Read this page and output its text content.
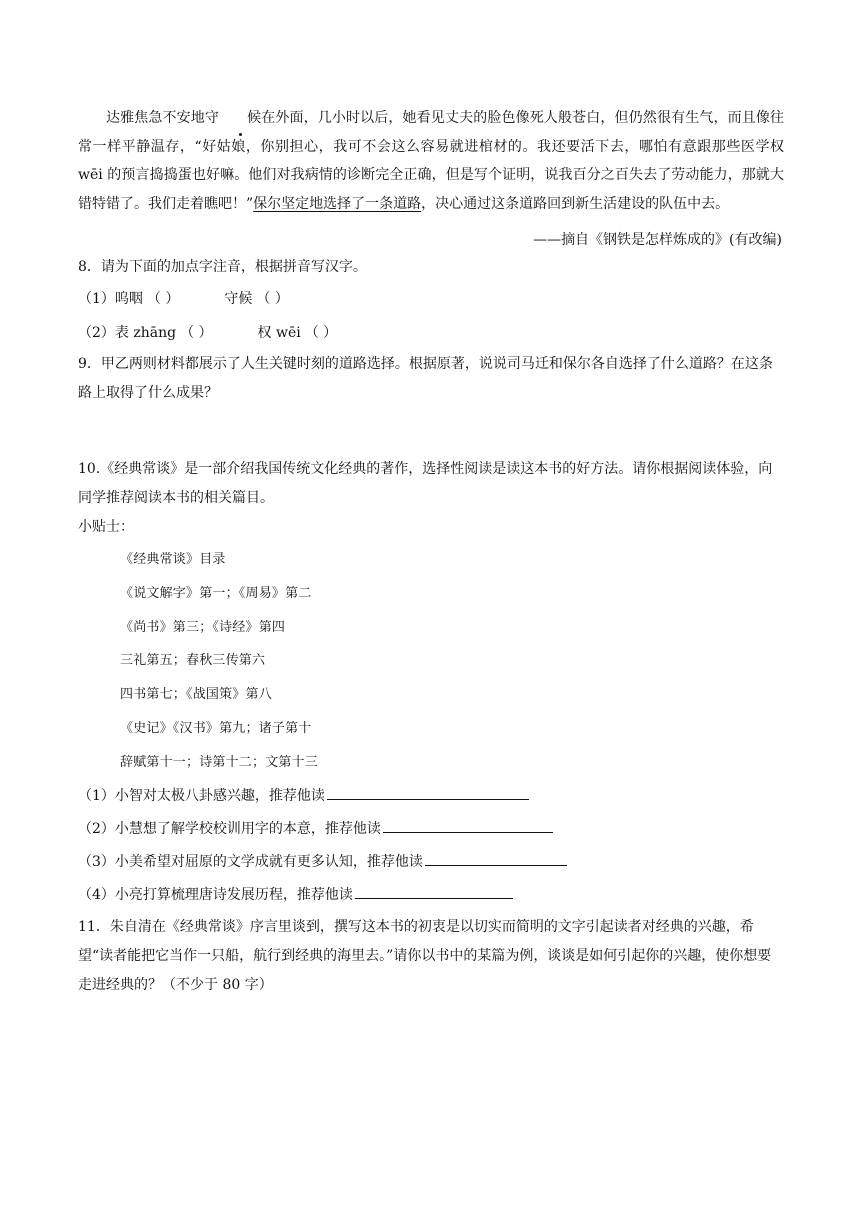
达雅焦急不安地守 候在外面，几小时以后，她看见丈夫的脸色像死人般苍白，但仍然很有生气，而且像往常一样平静温存，“好姑娘，你别担心，我可不会这么容易就进棺材的。我还要活下去，哪怕有意跟那些医学权 wēi 的预言捣捣蛋也好嘛。他们对我病情的诊断完全正确，但是写个证明，说我百分之百失去了劳动能力，那就大错特错了。我们走着瞧吧！”保尔坚定地选择了一条道路，决心通过这条道路回到新生活建设的队伍中去。

——摘自《钢铁是怎样炼成的》(有改编)

8．请为下面的加点字注音，根据拼音写汉字。

（1）呜咽 （ ）	守候 （ ）
（2）表 zhāng （ ）	权 wēi （ ）

9．甲乙两则材料都展示了人生关键时刻的道路选择。根据原著，说说司马迁和保尔各自选择了什么道路？在这条路上取得了什么成果？

10.《经典常谈》是一部介绍我国传统文化经典的著作，选择性阅读是读这本书的好方法。请你根据阅读体验，向同学推荐阅读本书的相关篇目。

小贴士：
《经典常谈》目录
《说文解字》第一；《周易》第二
《尚书》第三；《诗经》第四
三礼第五；春秋三传第六
四书第七；《战国策》第八
《史记》《汉书》第九；诸子第十
辞赋第十一；诗第十二；文第十三
（1）小智对太极八卦感兴趣，推荐他读
（2）小慧想了解学校校训用字的本意，推荐他读
（3）小美希望对屈原的文学成就有更多认知，推荐他读
（4）小亮打算梳理唐诗发展历程，推荐他读

11．朱自清在《经典常谈》序言里谈到，撰写这本书的初衷是以切实而简明的文字引起读者对经典的兴趣，希望“读者能把它当作一只船，航行到经典的海里去。”请你以书中的某篇为例，谈谈是如何引起你的兴趣，使你想要走进经典的？（不少于 80 字）
